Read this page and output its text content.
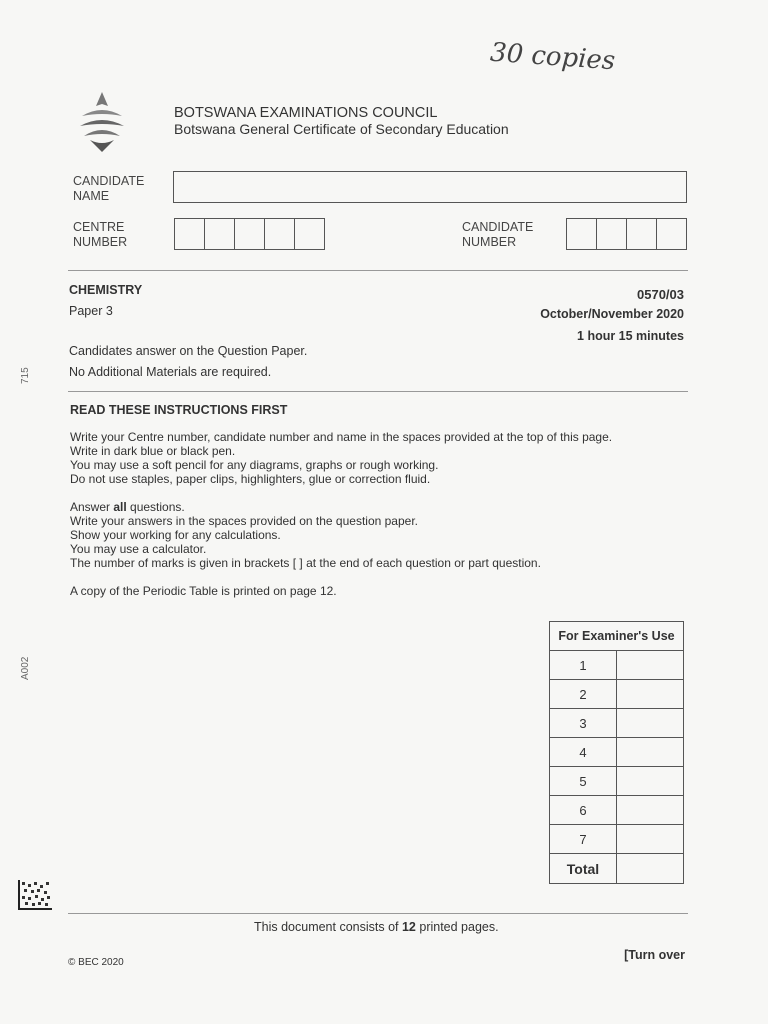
30 copies
BOTSWANA EXAMINATIONS COUNCIL
Botswana General Certificate of Secondary Education
CANDIDATE
NAME
CENTRE
NUMBER
CANDIDATE
NUMBER
CHEMISTRY
Paper 3
0570/03
October/November 2020
1 hour 15 minutes
Candidates answer on the Question Paper.
No Additional Materials are required.
READ THESE INSTRUCTIONS FIRST
Write your Centre number, candidate number and name in the spaces provided at the top of this page.
Write in dark blue or black pen.
You may use a soft pencil for any diagrams, graphs or rough working.
Do not use staples, paper clips, highlighters, glue or correction fluid.
Answer all questions.
Write your answers in the spaces provided on the question paper.
Show your working for any calculations.
You may use a calculator.
The number of marks is given in brackets [ ] at the end of each question or part question.
A copy of the Periodic Table is printed on page 12.
For Examiner's Use	
1	
2	
3	
4	
5	
6	
7	
Total	
715
A002
This document consists of 12 printed pages.
© BEC 2020
[Turn over
